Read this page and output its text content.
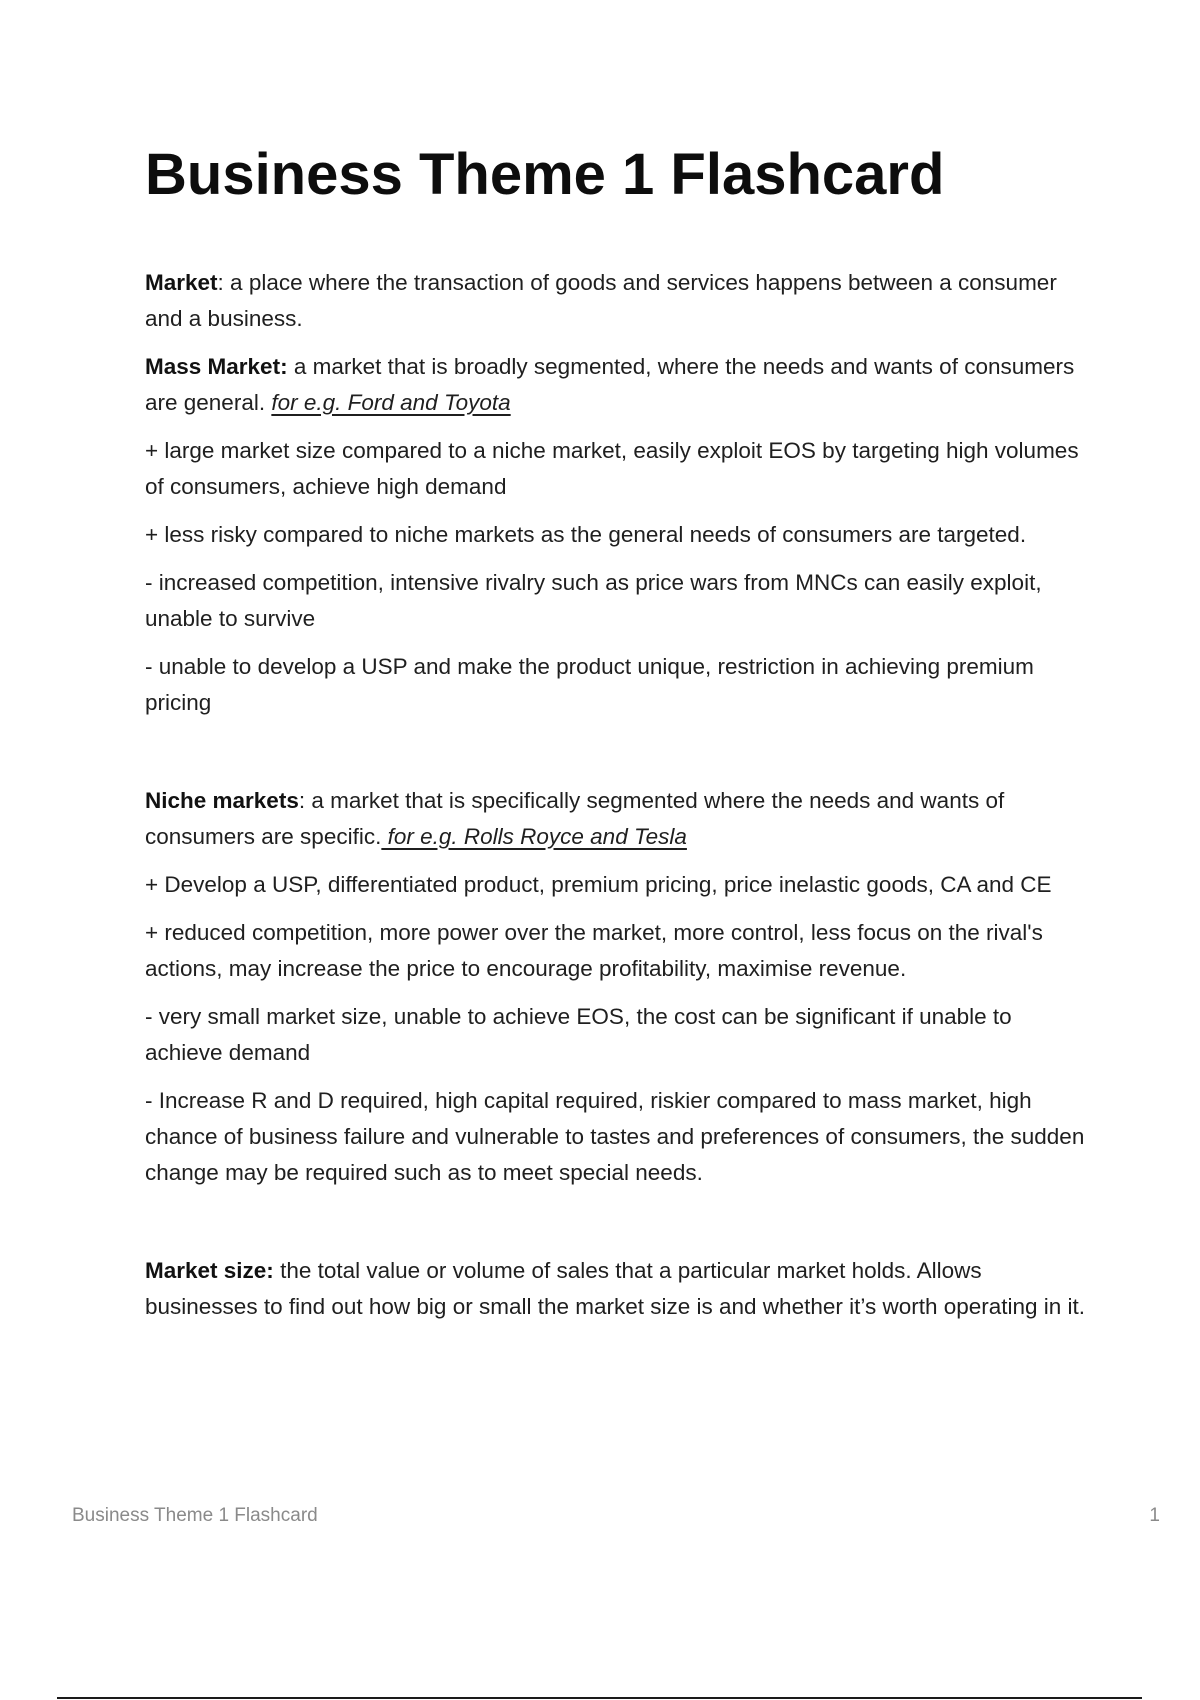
Business Theme 1 Flashcard

Market: a place where the transaction of goods and services happens between a consumer and a business.

Mass Market: a market that is broadly segmented, where the needs and wants of consumers are general. for e.g. Ford and Toyota

+ large market size compared to a niche market, easily exploit EOS by targeting high volumes of consumers, achieve high demand

+ less risky compared to niche markets as the general needs of consumers are targeted.

- increased competition, intensive rivalry such as price wars from MNCs can easily exploit, unable to survive

- unable to develop a USP and make the product unique, restriction in achieving premium pricing

Niche markets: a market that is specifically segmented where the needs and wants of consumers are specific. for e.g. Rolls Royce and Tesla

+ Develop a USP, differentiated product, premium pricing, price inelastic goods, CA and CE

+ reduced competition, more power over the market, more control, less focus on the rival's actions, may increase the price to encourage profitability, maximise revenue.

- very small market size, unable to achieve EOS, the cost can be significant if unable to achieve demand

- Increase R and D required, high capital required, riskier compared to mass market, high chance of business failure and vulnerable to tastes and preferences of consumers, the sudden change may be required such as to meet special needs.

Market size: the total value or volume of sales that a particular market holds. Allows businesses to find out how big or small the market size is and whether it’s worth operating in it.

Business Theme 1 Flashcard	1
